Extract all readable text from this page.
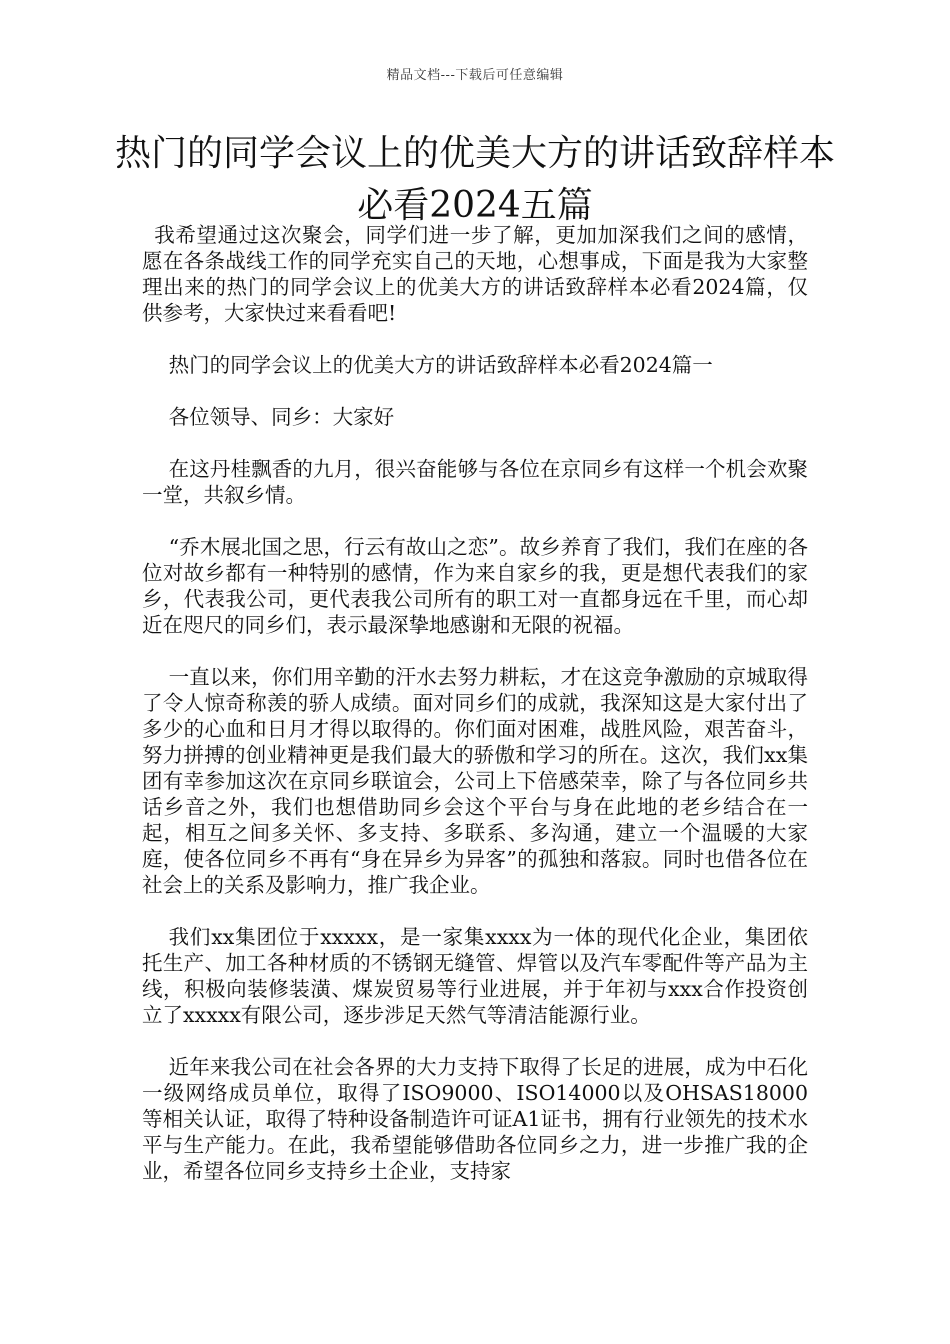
精品文档---下载后可任意编辑
热门的同学会议上的优美大方的讲话致辞样本必看2024五篇

我希望通过这次聚会，同学们进一步了解，更加加深我们之间的感情，愿在各条战线工作的同学充实自己的天地，心想事成，下面是我为大家整理出来的热门的同学会议上的优美大方的讲话致辞样本必看2024篇，仅供参考，大家快过来看看吧!

热门的同学会议上的优美大方的讲话致辞样本必看2024篇一

各位领导、同乡：大家好

在这丹桂飘香的九月，很兴奋能够与各位在京同乡有这样一个机会欢聚一堂，共叙乡情。

“乔木展北国之思，行云有故山之恋”。故乡养育了我们，我们在座的各位对故乡都有一种特别的感情，作为来自家乡的我，更是想代表我们的家乡，代表我公司，更代表我公司所有的职工对一直都身远在千里，而心却近在咫尺的同乡们，表示最深挚地感谢和无限的祝福。

一直以来，你们用辛勤的汗水去努力耕耘，才在这竞争激励的京城取得了令人惊奇称羡的骄人成绩。面对同乡们的成就，我深知这是大家付出了多少的心血和日月才得以取得的。你们面对困难，战胜风险，艰苦奋斗，努力拼搏的创业精神更是我们最大的骄傲和学习的所在。这次，我们xx集团有幸参加这次在京同乡联谊会，公司上下倍感荣幸，除了与各位同乡共话乡音之外，我们也想借助同乡会这个平台与身在此地的老乡结合在一起，相互之间多关怀、多支持、多联系、多沟通，建立一个温暖的大家庭，使各位同乡不再有“身在异乡为异客”的孤独和落寂。同时也借各位在社会上的关系及影响力，推广我企业。

我们xx集团位于xxxxx，是一家集xxxx为一体的现代化企业，集团依托生产、加工各种材质的不锈钢无缝管、焊管以及汽车零配件等产品为主线，积极向装修装潢、煤炭贸易等行业进展，并于年初与xxx合作投资创立了xxxxx有限公司，逐步涉足天然气等清洁能源行业。

近年来我公司在社会各界的大力支持下取得了长足的进展，成为中石化一级网络成员单位，取得了ISO9000、ISO14000以及OHSAS18000等相关认证，取得了特种设备制造许可证A1证书，拥有行业领先的技术水平与生产能力。在此，我希望能够借助各位同乡之力，进一步推广我的企业，希望各位同乡支持乡土企业，支持家
